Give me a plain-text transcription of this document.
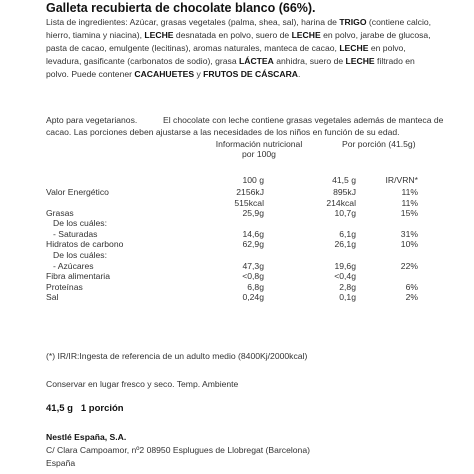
Galleta recubierta de chocolate blanco (66%).
Lista de ingredientes: Azúcar, grasas vegetales (palma, shea, sal), harina de TRIGO (contiene calcio, hierro, tiamina y niacina), LECHE desnatada en polvo, suero de LECHE en polvo, jarabe de glucosa, pasta de cacao, emulgente (lecitinas), aromas naturales, manteca de cacao, LECHE en polvo, levadura, gasificante (carbonatos de sodio), grasa LÁCTEA anhidra, suero de LECHE filtrado en polvo. Puede contener CACAHUETES y FRUTOS DE CÁSCARA.
Apto para vegetarianos.	El chocolate con leche contiene grasas vegetales además de manteca de cacao. Las porciones deben ajustarse a las necesidades de los niños en función de su edad.
Información nutricional
por 100g
Por porción (41.5g)
100 g	41,5 g	IR/VRN*
Valor Energético	2156kJ	895kJ	11%
515kcal	214kcal	11%
Grasas	25,9g	10,7g	15%
De los cuáles:
- Saturadas	14,6g	6,1g	31%
Hidratos de carbono	62,9g	26,1g	10%
De los cuáles:
- Azúcares	47,3g	19,6g	22%
Fibra alimentaria	<0,8g	<0,4g
Proteínas	6,8g	2,8g	6%
Sal	0,24g	0,1g	2%
(*) IR/IR:Ingesta de referencia de un adulto medio (8400Kj/2000kcal)
Conservar en lugar fresco y seco. Temp. Ambiente
41,5 g   1 porción
Nestlé España, S.A.
C/ Clara Campoamor, nº2 08950 Esplugues de Llobregat (Barcelona)
España
